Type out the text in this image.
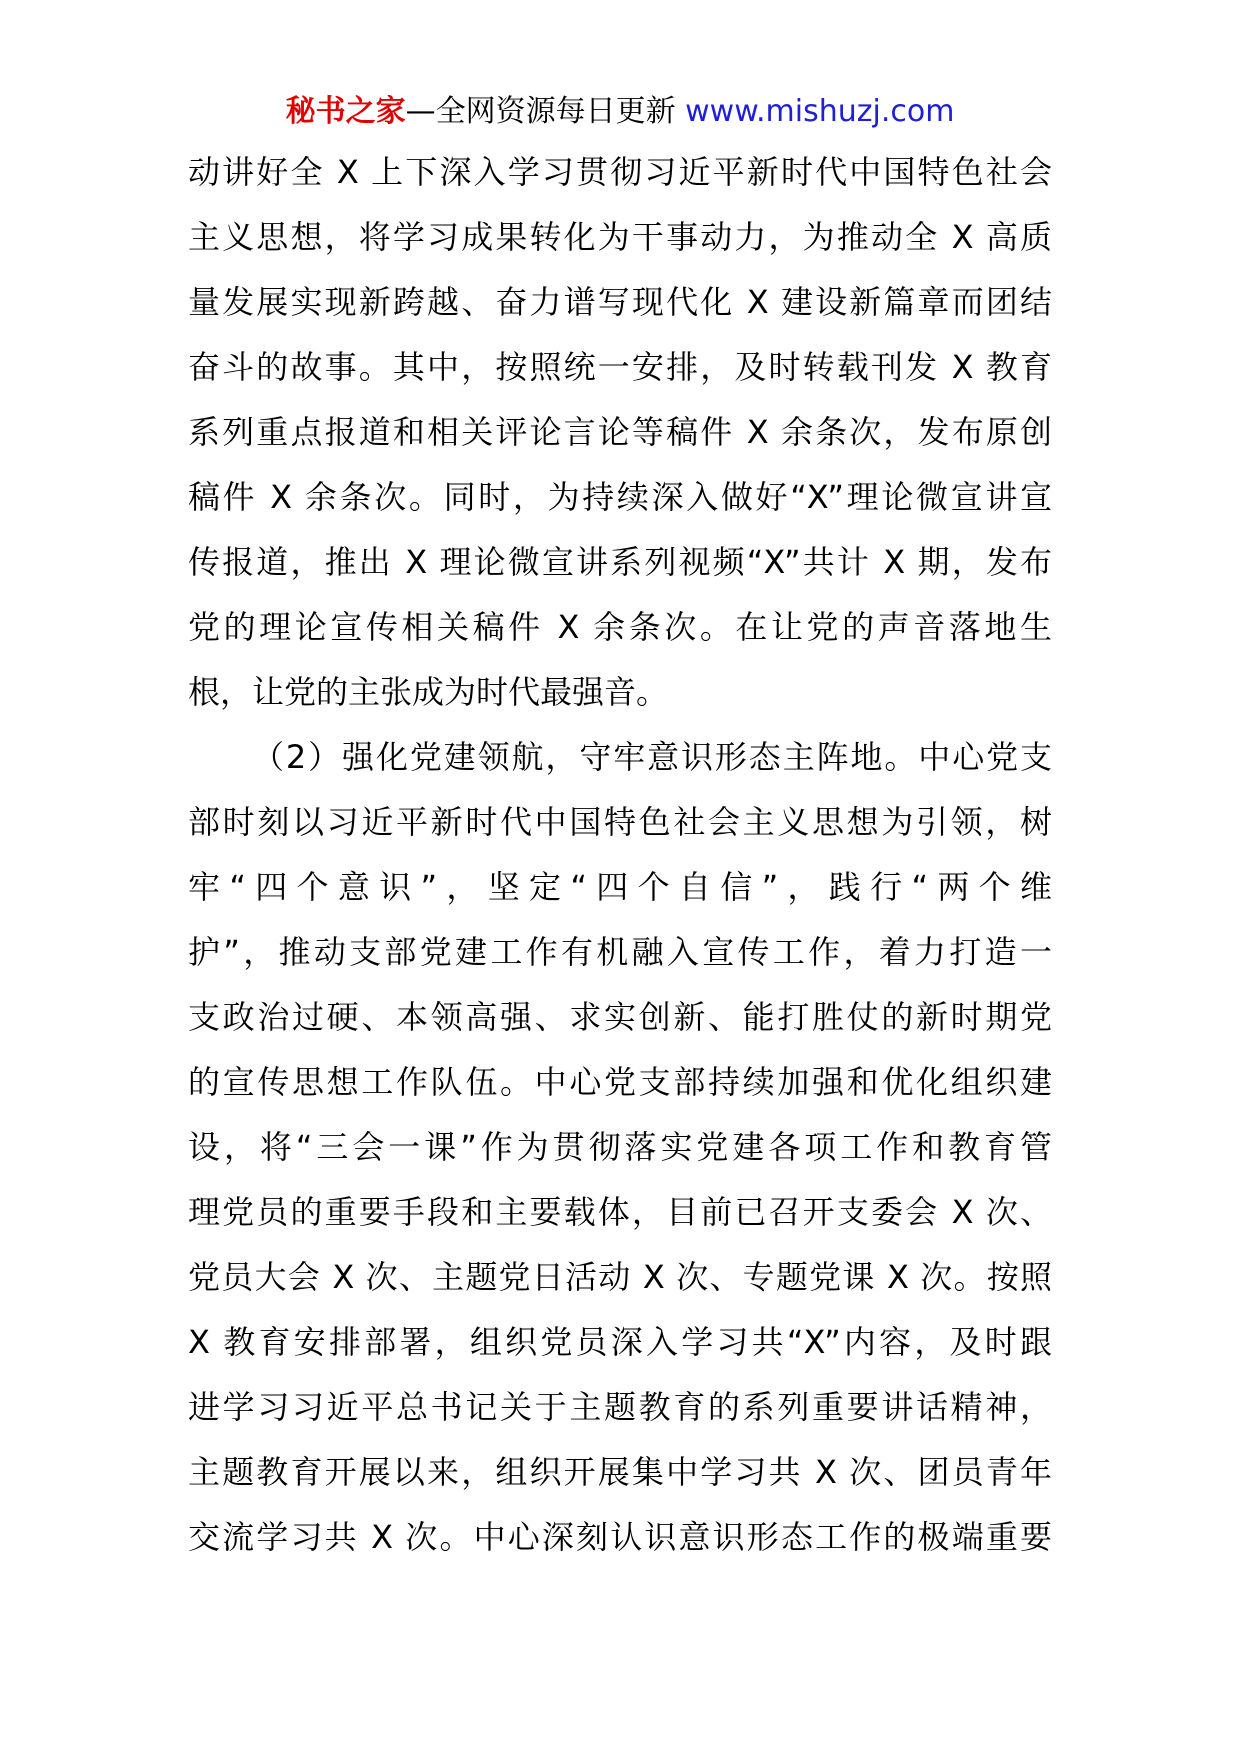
秘书之家—全网资源每日更新 www.mishuzj.com
动讲好全 X 上下深入学习贯彻习近平新时代中国特色社会
主义思想，将学习成果转化为干事动力，为推动全 X 高质
量发展实现新跨越、奋力谱写现代化 X 建设新篇章而团结
奋斗的故事。其中，按照统一安排，及时转载刊发 X 教育
系列重点报道和相关评论言论等稿件 X 余条次，发布原创
稿件 X 余条次。同时，为持续深入做好“X”理论微宣讲宣
传报道，推出 X 理论微宣讲系列视频“X”共计 X 期，发布
党的理论宣传相关稿件 X 余条次。在让党的声音落地生
根，让党的主张成为时代最强音。
（2）强化党建领航，守牢意识形态主阵地。中心党支
部时刻以习近平新时代中国特色社会主义思想为引领，树
牢“四个意识”，坚定“四个自信”，践行“两个维
护”，推动支部党建工作有机融入宣传工作，着力打造一
支政治过硬、本领高强、求实创新、能打胜仗的新时期党
的宣传思想工作队伍。中心党支部持续加强和优化组织建
设，将“三会一课”作为贯彻落实党建各项工作和教育管
理党员的重要手段和主要载体，目前已召开支委会 X 次、
党员大会 X 次、主题党日活动 X 次、专题党课 X 次。按照
X 教育安排部署，组织党员深入学习共“X”内容，及时跟
进学习习近平总书记关于主题教育的系列重要讲话精神，
主题教育开展以来，组织开展集中学习共 X 次、团员青年
交流学习共 X 次。中心深刻认识意识形态工作的极端重要
